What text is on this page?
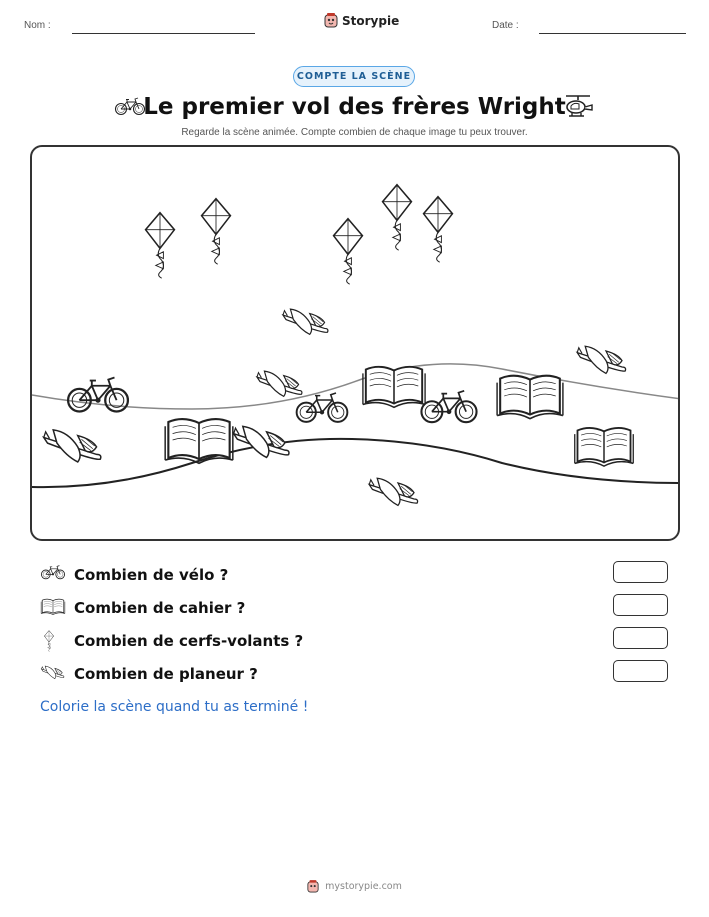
Nom :	Storypie	Date :
COMPTE LA SCÈNE
Le premier vol des frères Wright
Regarde la scène animée. Compte combien de chaque image tu peux trouver.
Combien de vélo ?
Combien de cahier ?
Combien de cerfs-volants ?
Combien de planeur ?
Colorie la scène quand tu as terminé !
mystorypie.com
